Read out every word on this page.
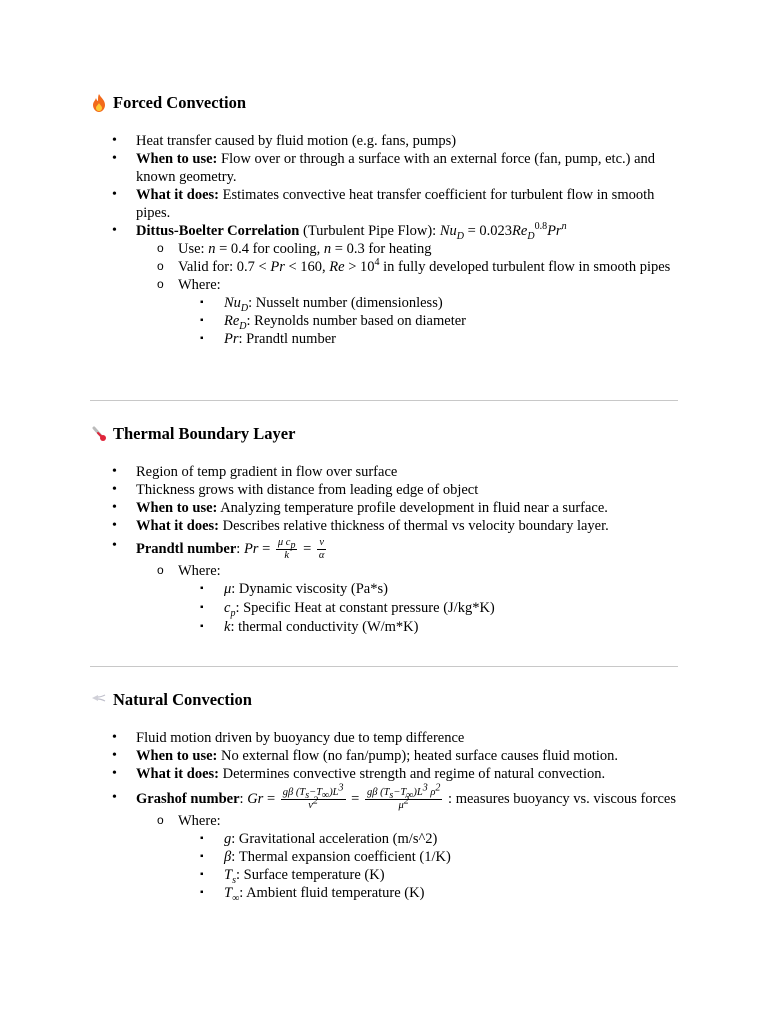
Forced Convection
• Heat transfer caused by fluid motion (e.g. fans, pumps)
• When to use: Flow over or through a surface with an external force (fan, pump, etc.) and known geometry.
• What it does: Estimates convective heat transfer coefficient for turbulent flow in smooth pipes.
• Dittus-Boelter Correlation (Turbulent Pipe Flow): $Nu_D = 0.023Re_D^{0.8}Pr^n$
o Use: n = 0.4 for cooling, n = 0.3 for heating
o Valid for: 0.7 < Pr < 160, $Re > 10^4$ in fully developed turbulent flow in smooth pipes
o Where:
▪ $Nu_D$: Nusselt number (dimensionless)
▪ $Re_D$: Reynolds number based on diameter
▪ Pr: Prandtl number
Thermal Boundary Layer
• Region of temp gradient in flow over surface
• Thickness grows with distance from leading edge of object
• When to use: Analyzing temperature profile development in fluid near a surface.
• What it does: Describes relative thickness of thermal vs velocity boundary layer.
• Prandtl number: $Pr = \frac{\mu c_p}{k} = \frac{\nu}{\alpha}$
o Where:
▪ μ: Dynamic viscosity (Pa*s)
▪ $c_p$: Specific Heat at constant pressure (J/kg*K)
▪ k: thermal conductivity (W/m*K)
Natural Convection
• Fluid motion driven by buoyancy due to temp difference
• When to use: No external flow (no fan/pump); heated surface causes fluid motion.
• What it does: Determines convective strength and regime of natural convection.
• Grashof number: $Gr = \frac{g\beta (T_s-T_\infty)L^3}{\nu^2} = \frac{g\beta (T_s-T_\infty)L^3 \rho^2}{\mu^2}$ : measures buoyancy vs. viscous forces
o Where:
▪ g: Gravitational acceleration (m/s^2)
▪ β: Thermal expansion coefficient (1/K)
▪ $T_s$: Surface temperature (K)
▪ $T_\infty$: Ambient fluid temperature (K)
